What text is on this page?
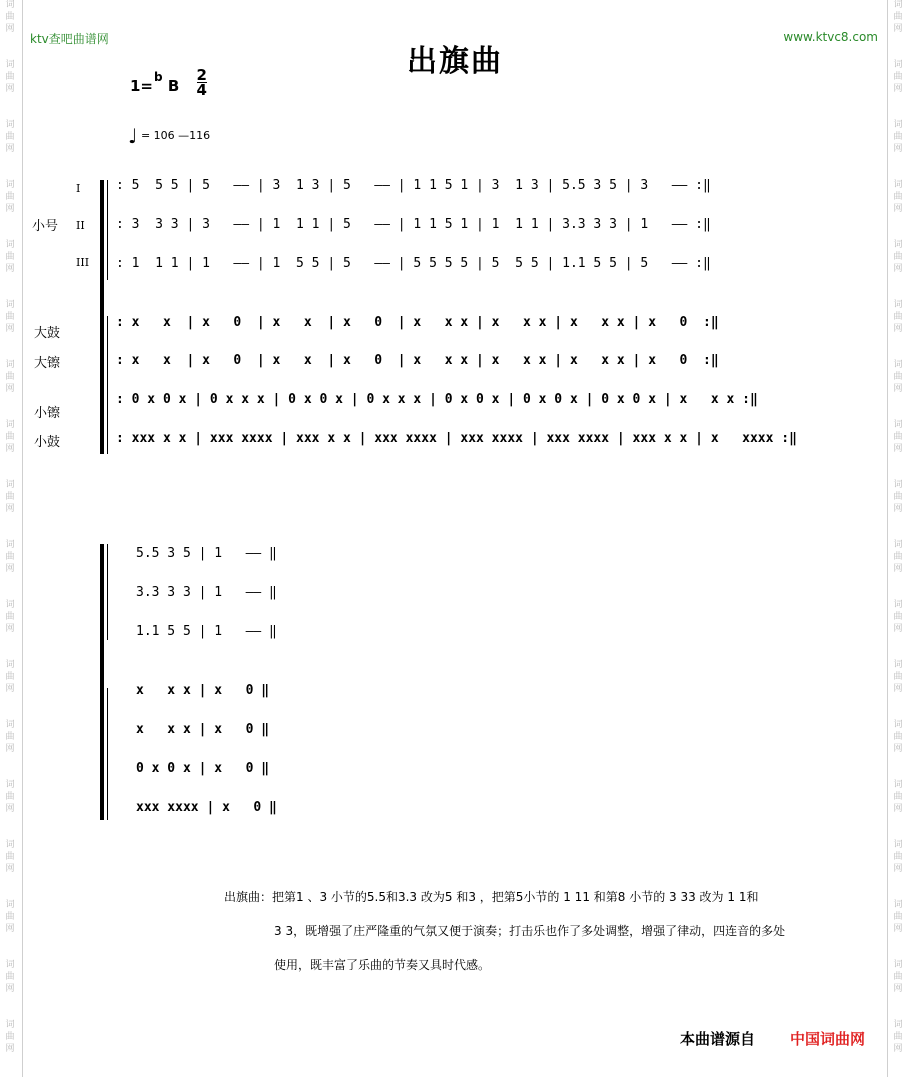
词
曲
网
词
曲
网
词
曲
网
词
曲
网
词
曲
网
词
曲
网
词
曲
网
词
曲
网
词
曲
网
词
曲
网
词
曲
网
词
曲
网
词
曲
网
词
曲
网
词
曲
网
词
曲
网
词
曲
网
词
曲
网
词
曲
网
词
曲
网
词
曲
网
词
曲
网
词
曲
网
词
曲
网
词
曲
网
词
曲
网
词
曲
网
词
曲
网
词
曲
网
词
曲
网
词
曲
网
词
曲
网
词
曲
网
词
曲
网
词
曲
网
词
曲
网
ktv查吧曲谱网	www.ktvc8.com
出旗曲
1=$^b$ B $\frac{2}{4}$
♩ = 106 —116
小号
I
II
III
大鼓
大镲
小镲
小鼓
: 5  5 5 | 5   —— | 3  1 3 | 5   —— | 1 1 5 1 | 3  1 3 | 5.5 3 5 | 3   —— :‖
: 3  3 3 | 3   —— | 1  1 1 | 5   —— | 1 1 5 1 | 1  1 1 | 3.3 3 3 | 1   —— :‖
: 1  1 1 | 1   —— | 1  5 5 | 5   —— | 5 5 5 5 | 5  5 5 | 1.1 5 5 | 5   —— :‖
: x   x  | x   0  | x   x  | x   0  | x   x x | x   x x | x   x x | x   0  :‖
: x   x  | x   0  | x   x  | x   0  | x   x x | x   x x | x   x x | x   0  :‖
: 0 x 0 x | 0 x x x | 0 x 0 x | 0 x x x | 0 x 0 x | 0 x 0 x | 0 x 0 x | x   x x :‖
: xxx x x | xxx xxxx | xxx x x | xxx xxxx | xxx xxxx | xxx xxxx | xxx x x | x   xxxx :‖
5.5 3 5 | 1   —— ‖
3.3 3 3 | 1   —— ‖
1.1 5 5 | 1   —— ‖
x   x x | x   0 ‖
x   x x | x   0 ‖
0 x 0 x | x   0 ‖
xxx xxxx | x   0 ‖

出旗曲：把第1 、3 小节的5.5和3.3 改为5 和3 ，把第5小节的 1 11 和第8 小节的 3 33 改为 1 1和

3 3，既增强了庄严隆重的气氛又便于演奏；打击乐也作了多处调整，增强了律动，四连音的多处

使用，既丰富了乐曲的节奏又具时代感。

本曲谱源自 中国词曲网
